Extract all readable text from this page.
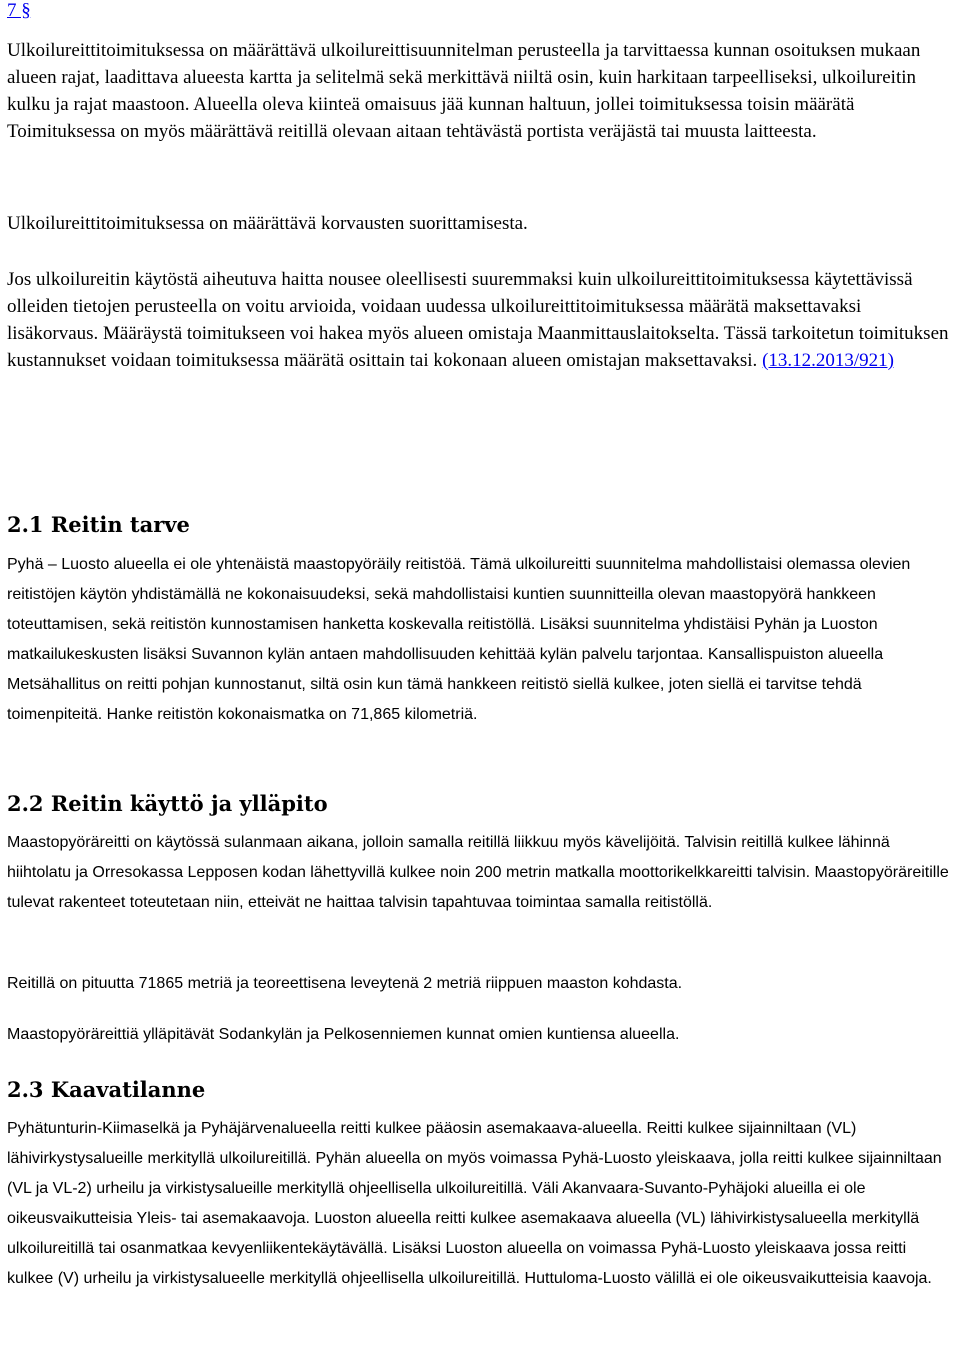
7 §

Ulkoilureittitoimituksessa on määrättävä ulkoilureittisuunnitelman perusteella ja tarvittaessa kunnan osoituksen mukaan alueen rajat, laadittava alueesta kartta ja selitelmä sekä merkittävä niiltä osin, kuin harkitaan tarpeelliseksi, ulkoilureitin kulku ja rajat maastoon. Alueella oleva kiinteä omaisuus jää kunnan haltuun, jollei toimituksessa toisin määrätä Toimituksessa on myös määrättävä reitillä olevaan aitaan tehtävästä portista veräjästä tai muusta laitteesta.

Ulkoilureittitoimituksessa on määrättävä korvausten suorittamisesta.

Jos ulkoilureitin käytöstä aiheutuva haitta nousee oleellisesti suuremmaksi kuin ulkoilureittitoimituksessa käytettävissä olleiden tietojen perusteella on voitu arvioida, voidaan uudessa ulkoilureittitoimituksessa määrätä maksettavaksi lisäkorvaus. Määräystä toimitukseen voi hakea myös alueen omistaja Maanmittauslaitokselta. Tässä tarkoitetun toimituksen kustannukset voidaan toimituksessa määrätä osittain tai kokonaan alueen omistajan maksettavaksi. (13.12.2013/921)

2.1 Reitin tarve

Pyhä – Luosto alueella ei ole yhtenäistä maastopyöräily reitistöä. Tämä ulkoilureitti suunnitelma mahdollistaisi olemassa olevien reitistöjen käytön yhdistämällä ne kokonaisuudeksi, sekä mahdollistaisi kuntien suunnitteilla olevan maastopyörä hankkeen toteuttamisen, sekä reitistön kunnostamisen hanketta koskevalla reitistöllä. Lisäksi suunnitelma yhdistäisi Pyhän ja Luoston matkailukeskusten lisäksi Suvannon kylän antaen mahdollisuuden kehittää kylän palvelu tarjontaa. Kansallispuiston alueella Metsähallitus on reitti pohjan kunnostanut, siltä osin kun tämä hankkeen reitistö siellä kulkee, joten siellä ei tarvitse tehdä toimenpiteitä. Hanke reitistön kokonaismatka on 71,865 kilometriä.

2.2 Reitin käyttö ja ylläpito

Maastopyöräreitti on käytössä sulanmaan aikana, jolloin samalla reitillä liikkuu myös kävelijöitä. Talvisin reitillä kulkee lähinnä hiihtolatu ja Orresokassa Lepposen kodan lähettyvillä kulkee noin 200 metrin matkalla moottorikelkkareitti talvisin. Maastopyöräreitille tulevat rakenteet toteutetaan niin, etteivät ne haittaa talvisin tapahtuvaa toimintaa samalla reitistöllä.

Reitillä on pituutta 71865 metriä ja teoreettisena leveytenä 2 metriä riippuen maaston kohdasta.

Maastopyöräreittiä ylläpitävät Sodankylän ja Pelkosenniemen kunnat omien kuntiensa alueella.

2.3 Kaavatilanne

Pyhätunturin-Kiimaselkä ja Pyhäjärvenalueella reitti kulkee pääosin asemakaava-alueella. Reitti kulkee sijainniltaan (VL) lähivirkystysalueille merkityllä ulkoilureitillä. Pyhän alueella on myös voimassa Pyhä-Luosto yleiskaava, jolla reitti kulkee sijainniltaan (VL ja VL-2) urheilu ja virkistysalueille merkityllä ohjeellisella ulkoilureitillä. Väli Akanvaara-Suvanto-Pyhäjoki alueilla ei ole oikeusvaikutteisia Yleis- tai asemakaavoja. Luoston alueella reitti kulkee asemakaava alueella (VL) lähivirkistysalueella merkityllä ulkoilureitillä tai osanmatkaa kevyenliikentekäytävällä. Lisäksi Luoston alueella on voimassa Pyhä-Luosto yleiskaava jossa reitti kulkee (V) urheilu ja virkistysalueelle merkityllä ohjeellisella ulkoilureitillä. Huttuloma-Luosto välillä ei ole oikeusvaikutteisia kaavoja.
